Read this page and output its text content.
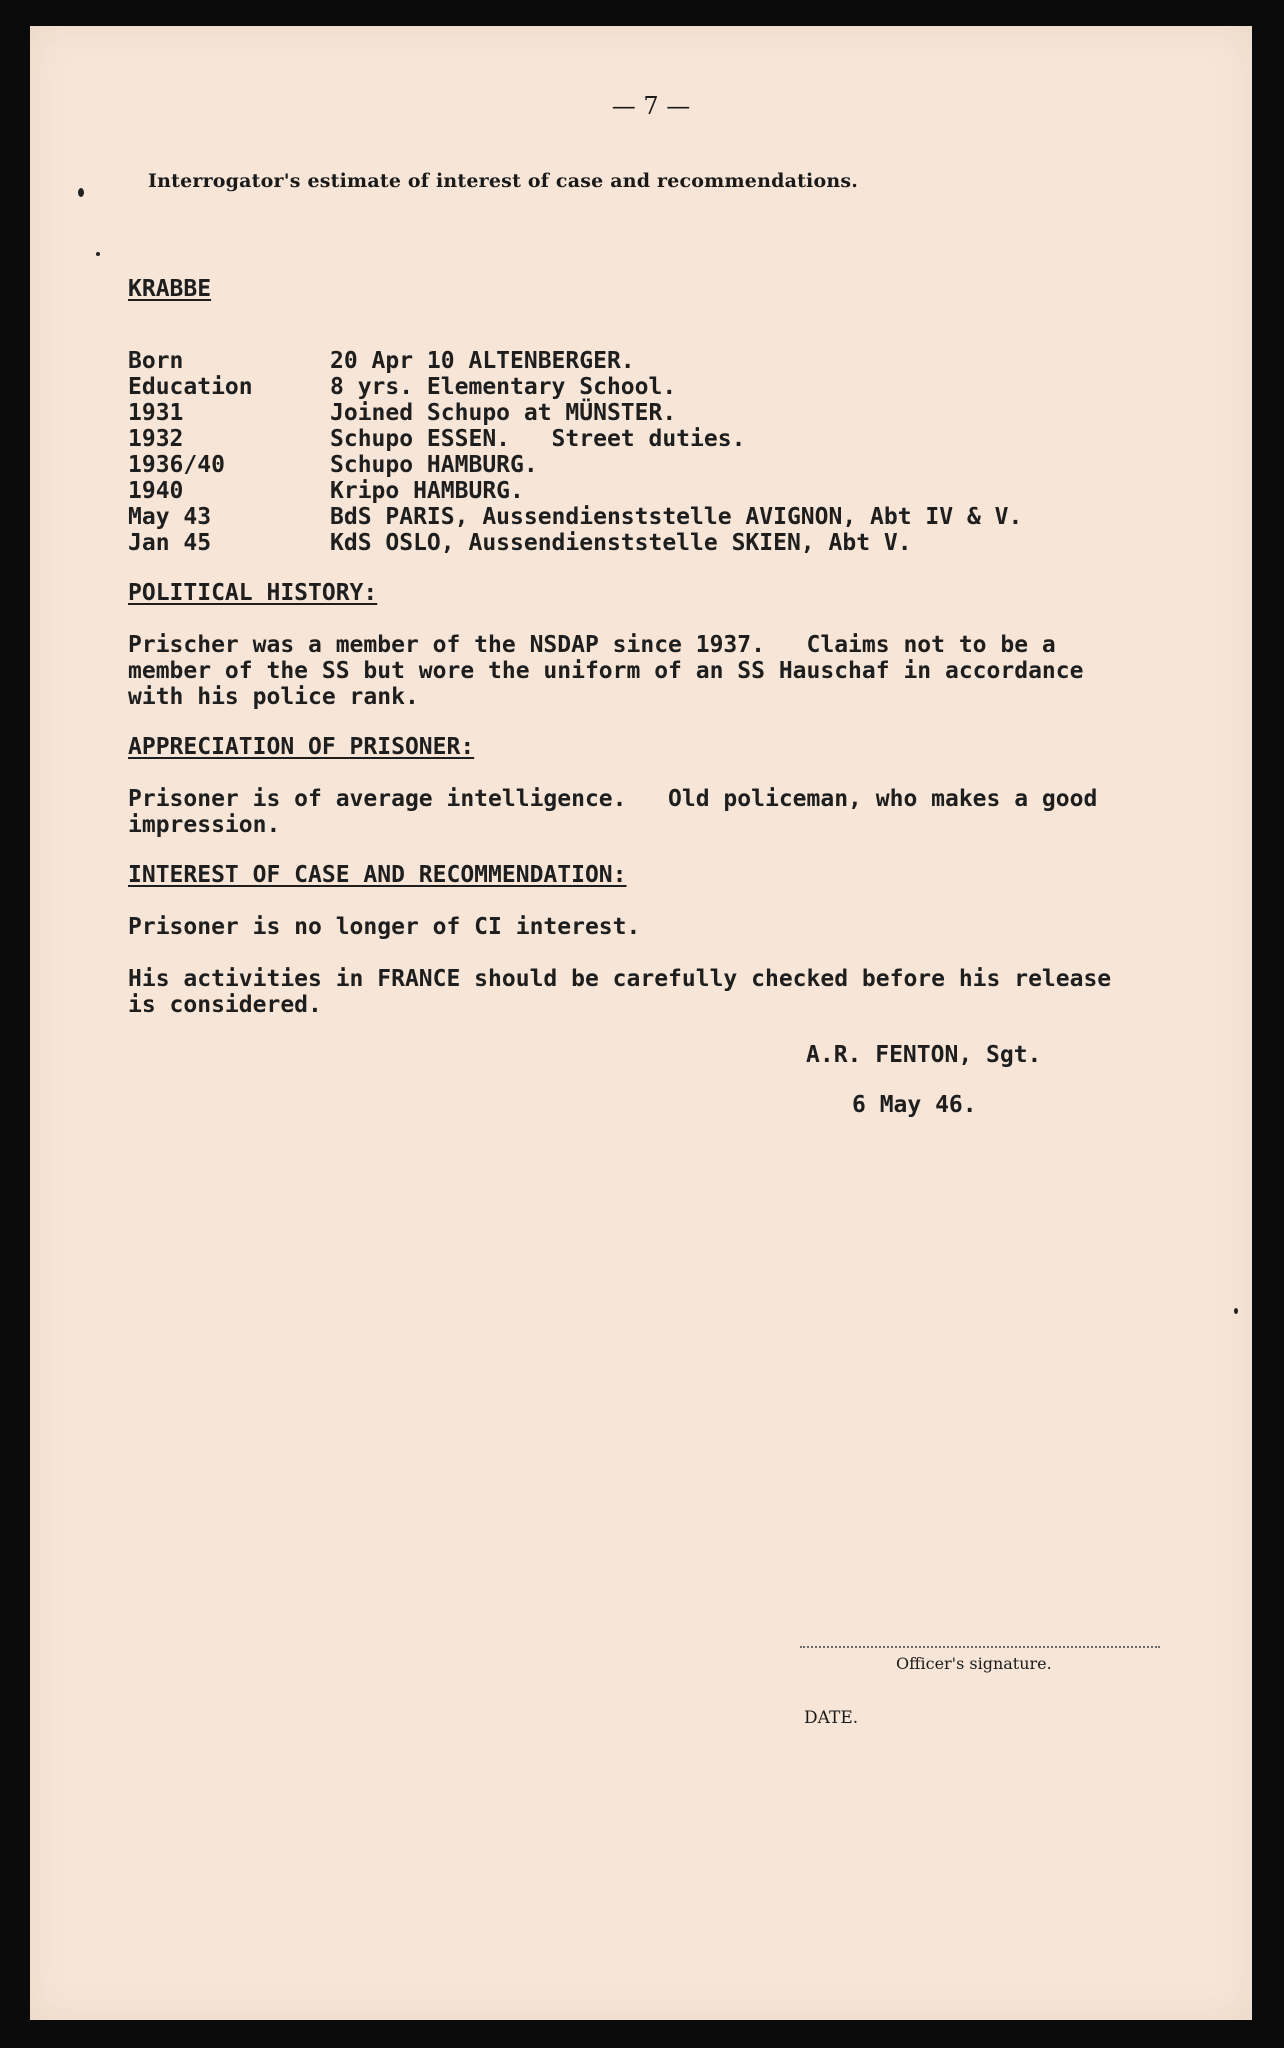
— 7 —
Interrogator's estimate of interest of case and recommendations.
KRABBE
Born	20 Apr 10 ALTENBERGER.
Education	8 yrs. Elementary School.
1931	Joined Schupo at MÜNSTER.
1932	Schupo ESSEN.   Street duties.
1936/40	Schupo HAMBURG.
1940	Kripo HAMBURG.
May 43	BdS PARIS, Aussendienststelle AVIGNON, Abt IV & V.
Jan 45	KdS OSLO, Aussendienststelle SKIEN, Abt V.
POLITICAL HISTORY:
Prischer was a member of the NSDAP since 1937.   Claims not to be a
member of the SS but wore the uniform of an SS Hauschaf in accordance
with his police rank.
APPRECIATION OF PRISONER:
Prisoner is of average intelligence.   Old policeman, who makes a good
impression.
INTEREST OF CASE AND RECOMMENDATION:
Prisoner is no longer of CI interest.
His activities in FRANCE should be carefully checked before his release
is considered.
A.R. FENTON, Sgt.
6 May 46.
Officer's signature.
DATE.
